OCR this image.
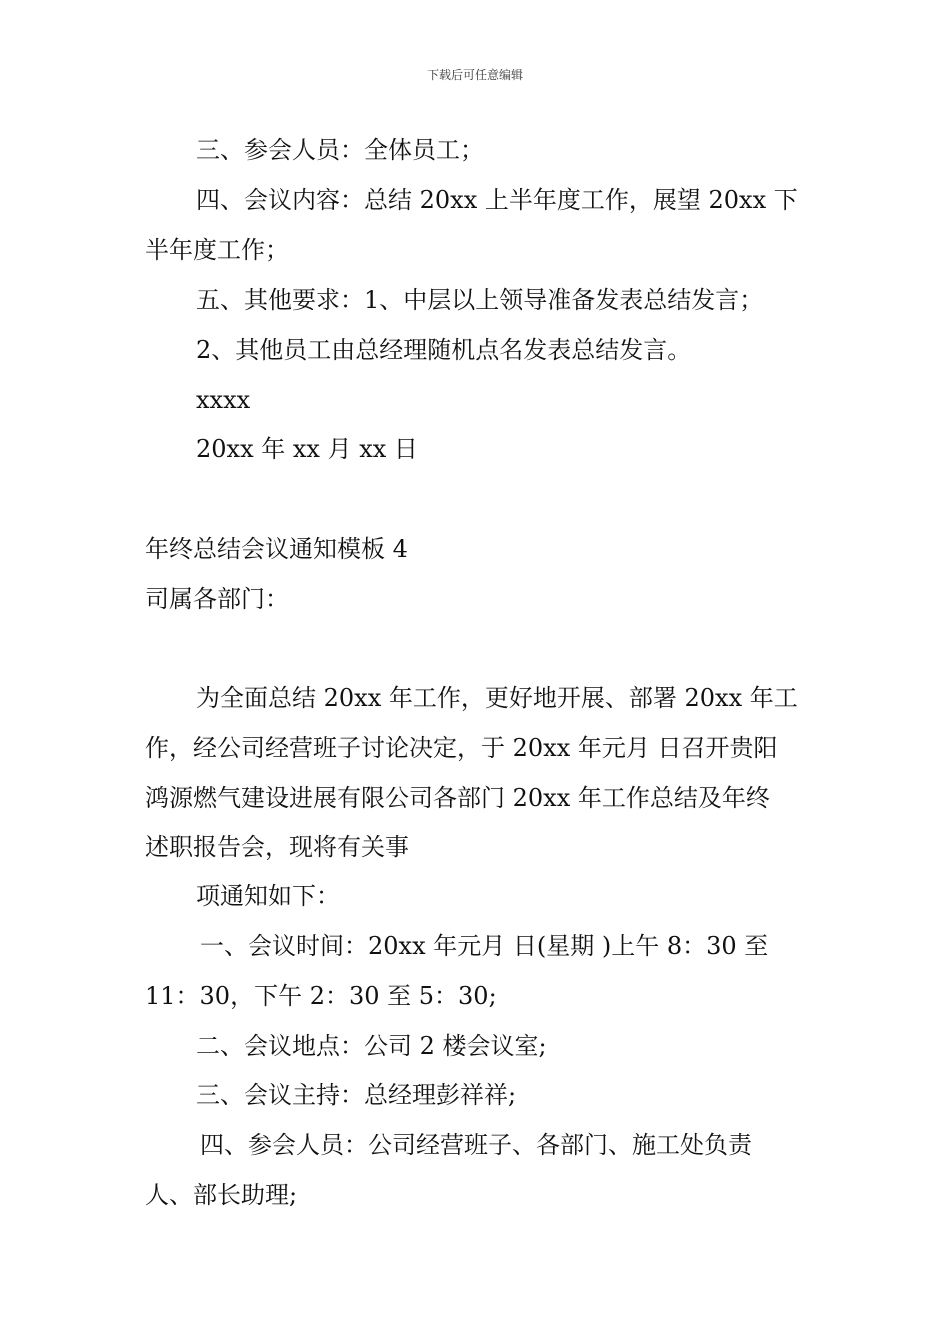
下载后可任意编辑
三、参会人员：全体员工；
四、会议内容：总结 20xx 上半年度工作，展望 20xx 下
半年度工作；
五、其他要求：1、中层以上领导准备发表总结发言；
2、其他员工由总经理随机点名发表总结发言。
xxxx
20xx 年 xx 月 xx 日
年终总结会议通知模板 4
司属各部门：
为全面总结 20xx 年工作，更好地开展、部署 20xx 年工
作，经公司经营班子讨论决定，于 20xx 年元月 日召开贵阳
鸿源燃气建设进展有限公司各部门 20xx 年工作总结及年终
述职报告会，现将有关事
项通知如下：
一、会议时间：20xx 年元月 日(星期 )上午 8：30 至
11：30，下午 2：30 至 5：30;
二、会议地点：公司 2 楼会议室;
三、会议主持：总经理彭祥祥;
四、参会人员：公司经营班子、各部门、施工处负责
人、部长助理;
